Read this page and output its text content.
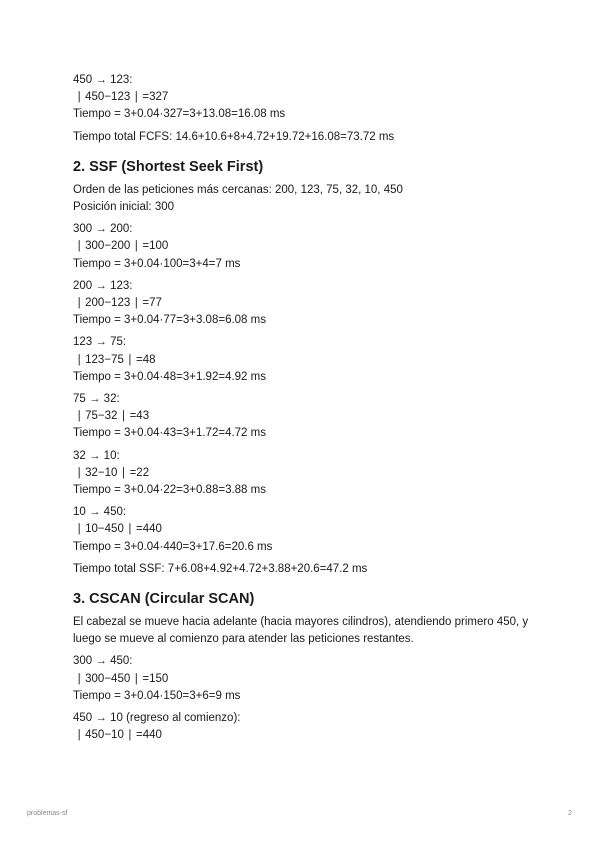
450 → 123:
∣ 450−123 ∣ =327
Tiempo = 3+0.04·327=3+13.08=16.08 ms
Tiempo total FCFS: 14.6+10.6+8+4.72+19.72+16.08=73.72 ms
2. SSF (Shortest Seek First)
Orden de las peticiones más cercanas: 200, 123, 75, 32, 10, 450
Posición inicial: 300
300 → 200:
∣ 300−200 ∣ =100
Tiempo = 3+0.04·100=3+4=7 ms
200 → 123:
∣ 200−123 ∣ =77
Tiempo = 3+0.04·77=3+3.08=6.08 ms
123 → 75:
∣ 123−75 ∣ =48
Tiempo = 3+0.04·48=3+1.92=4.92 ms
75 → 32:
∣ 75−32 ∣ =43
Tiempo = 3+0.04·43=3+1.72=4.72 ms
32 → 10:
∣ 32−10 ∣ =22
Tiempo = 3+0.04·22=3+0.88=3.88 ms
10 → 450:
∣ 10−450 ∣ =440
Tiempo = 3+0.04·440=3+17.6=20.6 ms
Tiempo total SSF: 7+6.08+4.92+4.72+3.88+20.6=47.2 ms
3. CSCAN (Circular SCAN)
El cabezal se mueve hacia adelante (hacia mayores cilindros), atendiendo primero 450, y luego se mueve al comienzo para atender las peticiones restantes.
300 → 450:
∣ 300−450 ∣ =150
Tiempo = 3+0.04·150=3+6=9 ms
450 → 10 (regreso al comienzo):
∣ 450−10 ∣ =440
problemas-sf	2
